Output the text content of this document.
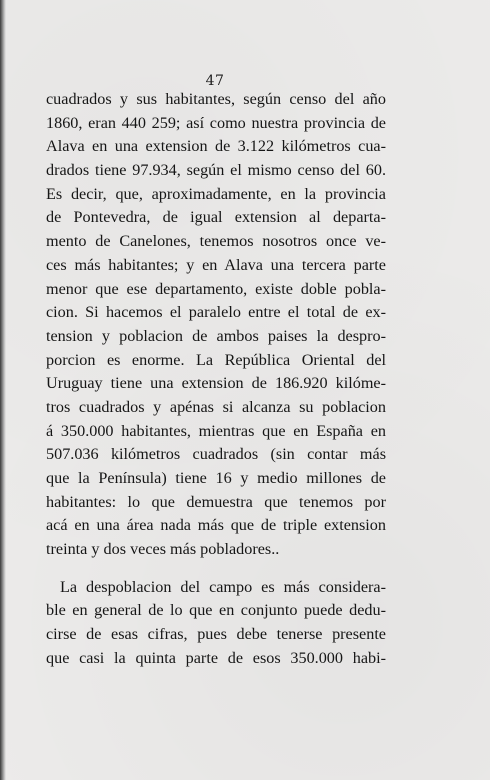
47
cuadrados y sus habitantes, según censo del año
1860, eran 440 259; así como nuestra provincia de
Alava en una extension de 3.122 kilómetros cua-
drados tiene 97.934, según el mismo censo del 60.
Es decir, que, aproximadamente, en la provincia
de Pontevedra, de igual extension al departa-
mento de Canelones, tenemos nosotros once ve-
ces más habitantes; y en Alava una tercera parte
menor que ese departamento, existe doble pobla-
cion. Si hacemos el paralelo entre el total de ex-
tension y poblacion de ambos paises la despro-
porcion es enorme. La República Oriental del
Uruguay tiene una extension de 186.920 kilóme-
tros cuadrados y apénas si alcanza su poblacion
á 350.000 habitantes, mientras que en España en
507.036 kilómetros cuadrados (sin contar más
que la Península) tiene 16 y medio millones de
habitantes: lo que demuestra que tenemos por
acá en una área nada más que de triple extension
treinta y dos veces más pobladores..
La despoblacion del campo es más considera-
ble en general de lo que en conjunto puede dedu-
cirse de esas cifras, pues debe tenerse presente
que casi la quinta parte de esos 350.000 habi-
